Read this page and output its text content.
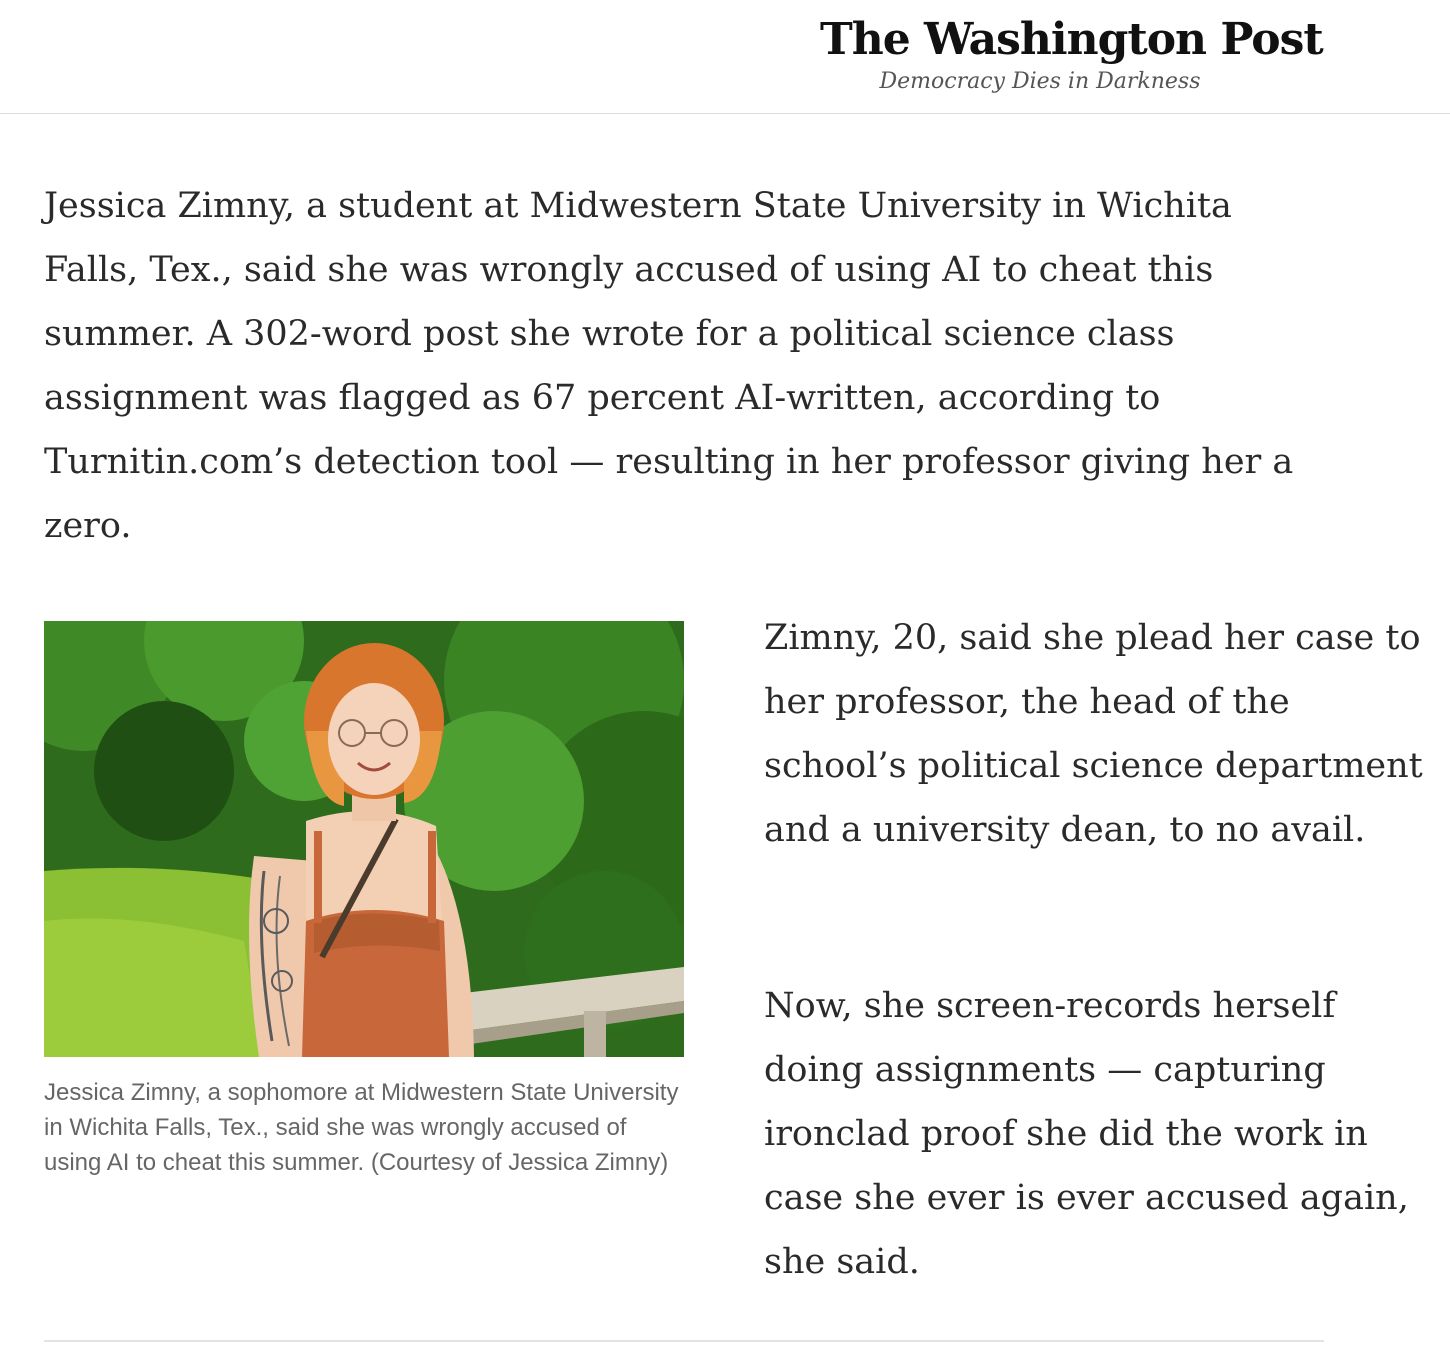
The Washington Post
Democracy Dies in Darkness

Jessica Zimny, a student at Midwestern State University in Wichita Falls, Tex., said she was wrongly accused of using AI to cheat this summer. A 302-word post she wrote for a political science class assignment was flagged as 67 percent AI-written, according to Turnitin.com’s detection tool — resulting in her professor giving her a zero.

Jessica Zimny, a sophomore at Midwestern State University in Wichita Falls, Tex., said she was wrongly accused of using AI to cheat this summer. (Courtesy of Jessica Zimny)

Zimny, 20, said she plead her case to her professor, the head of the school’s political science department and a university dean, to no avail.

Now, she screen-records herself doing assignments — capturing ironclad proof she did the work in case she ever is ever accused again, she said.
